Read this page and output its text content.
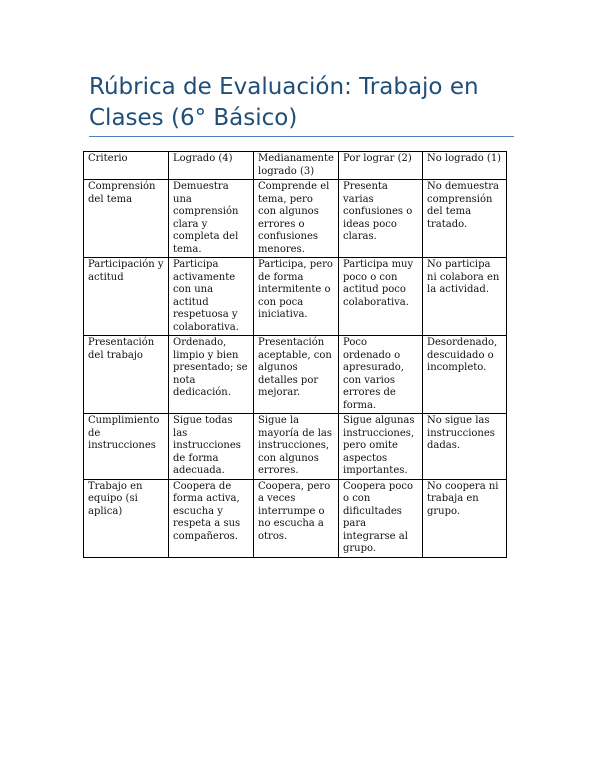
Rúbrica de Evaluación: Trabajo en Clases (6° Básico)
Criterio	Logrado (4)	Medianamente logrado (3)	Por lograr (2)	No logrado (1)
Comprensión del tema	Demuestra una comprensión clara y completa del tema.	Comprende el tema, pero con algunos errores o confusiones menores.	Presenta varias confusiones o ideas poco claras.	No demuestra comprensión del tema tratado.
Participación y actitud	Participa activamente con una actitud respetuosa y colaborativa.	Participa, pero de forma intermitente o con poca iniciativa.	Participa muy poco o con actitud poco colaborativa.	No participa ni colabora en la actividad.
Presentación del trabajo	Ordenado, limpio y bien presentado; se nota dedicación.	Presentación aceptable, con algunos detalles por mejorar.	Poco ordenado o apresurado, con varios errores de forma.	Desordenado, descuidado o incompleto.
Cumplimiento de instrucciones	Sigue todas las instrucciones de forma adecuada.	Sigue la mayoría de las instrucciones, con algunos errores.	Sigue algunas instrucciones, pero omite aspectos importantes.	No sigue las instrucciones dadas.
Trabajo en equipo (si aplica)	Coopera de forma activa, escucha y respeta a sus compañeros.	Coopera, pero a veces interrumpe o no escucha a otros.	Coopera poco o con dificultades para integrarse al grupo.	No coopera ni trabaja en grupo.
